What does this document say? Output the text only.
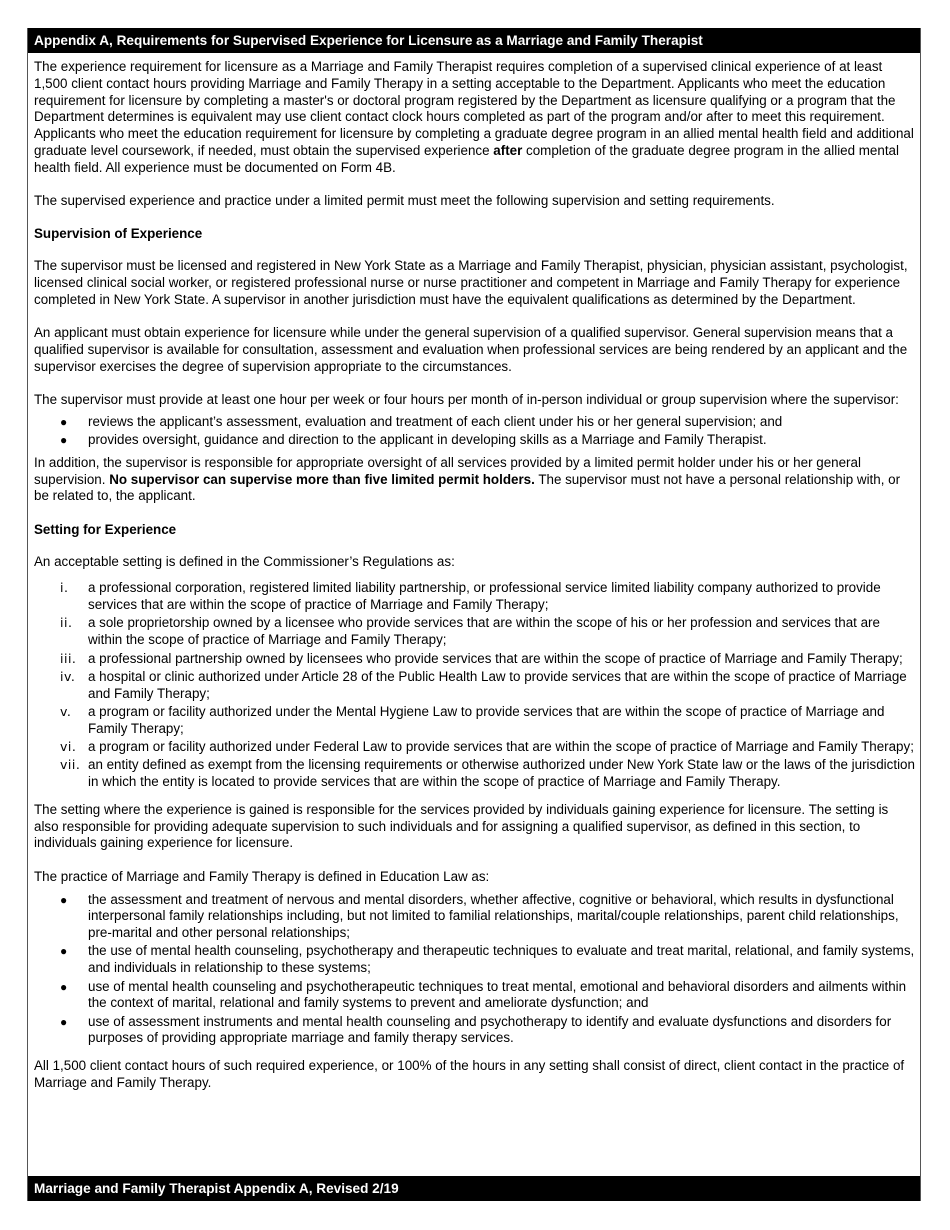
Appendix A, Requirements for Supervised Experience for Licensure as a Marriage and Family Therapist

The experience requirement for licensure as a Marriage and Family Therapist requires completion of a supervised clinical experience of at least 1,500 client contact hours providing Marriage and Family Therapy in a setting acceptable to the Department. Applicants who meet the education requirement for licensure by completing a master's or doctoral program registered by the Department as licensure qualifying or a program that the Department determines is equivalent may use client contact clock hours completed as part of the program and/or after to meet this requirement. Applicants who meet the education requirement for licensure by completing a graduate degree program in an allied mental health field and additional graduate level coursework, if needed, must obtain the supervised experience after completion of the graduate degree program in the allied mental health field. All experience must be documented on Form 4B.

The supervised experience and practice under a limited permit must meet the following supervision and setting requirements.

Supervision of Experience

The supervisor must be licensed and registered in New York State as a Marriage and Family Therapist, physician, physician assistant, psychologist, licensed clinical social worker, or registered professional nurse or nurse practitioner and competent in Marriage and Family Therapy for experience completed in New York State. A supervisor in another jurisdiction must have the equivalent qualifications as determined by the Department.

An applicant must obtain experience for licensure while under the general supervision of a qualified supervisor. General supervision means that a qualified supervisor is available for consultation, assessment and evaluation when professional services are being rendered by an applicant and the supervisor exercises the degree of supervision appropriate to the circumstances.

The supervisor must provide at least one hour per week or four hours per month of in-person individual or group supervision where the supervisor:

● reviews the applicant’s assessment, evaluation and treatment of each client under his or her general supervision; and
● provides oversight, guidance and direction to the applicant in developing skills as a Marriage and Family Therapist.

In addition, the supervisor is responsible for appropriate oversight of all services provided by a limited permit holder under his or her general supervision. No supervisor can supervise more than five limited permit holders. The supervisor must not have a personal relationship with, or be related to, the applicant.

Setting for Experience

An acceptable setting is defined in the Commissioner’s Regulations as:

i. a professional corporation, registered limited liability partnership, or professional service limited liability company authorized to provide services that are within the scope of practice of Marriage and Family Therapy;
ii. a sole proprietorship owned by a licensee who provide services that are within the scope of his or her profession and services that are within the scope of practice of Marriage and Family Therapy;
iii. a professional partnership owned by licensees who provide services that are within the scope of practice of Marriage and Family Therapy;
iv. a hospital or clinic authorized under Article 28 of the Public Health Law to provide services that are within the scope of practice of Marriage and Family Therapy;
v. a program or facility authorized under the Mental Hygiene Law to provide services that are within the scope of practice of Marriage and Family Therapy;
vi. a program or facility authorized under Federal Law to provide services that are within the scope of practice of Marriage and Family Therapy;
vii. an entity defined as exempt from the licensing requirements or otherwise authorized under New York State law or the laws of the jurisdiction in which the entity is located to provide services that are within the scope of practice of Marriage and Family Therapy.

The setting where the experience is gained is responsible for the services provided by individuals gaining experience for licensure. The setting is also responsible for providing adequate supervision to such individuals and for assigning a qualified supervisor, as defined in this section, to individuals gaining experience for licensure.

The practice of Marriage and Family Therapy is defined in Education Law as:

● the assessment and treatment of nervous and mental disorders, whether affective, cognitive or behavioral, which results in dysfunctional interpersonal family relationships including, but not limited to familial relationships, marital/couple relationships, parent child relationships, pre-marital and other personal relationships;
● the use of mental health counseling, psychotherapy and therapeutic techniques to evaluate and treat marital, relational, and family systems, and individuals in relationship to these systems;
● use of mental health counseling and psychotherapeutic techniques to treat mental, emotional and behavioral disorders and ailments within the context of marital, relational and family systems to prevent and ameliorate dysfunction; and
● use of assessment instruments and mental health counseling and psychotherapy to identify and evaluate dysfunctions and disorders for purposes of providing appropriate marriage and family therapy services.

All 1,500 client contact hours of such required experience, or 100% of the hours in any setting shall consist of direct, client contact in the practice of Marriage and Family Therapy.

Marriage and Family Therapist Appendix A, Revised 2/19
